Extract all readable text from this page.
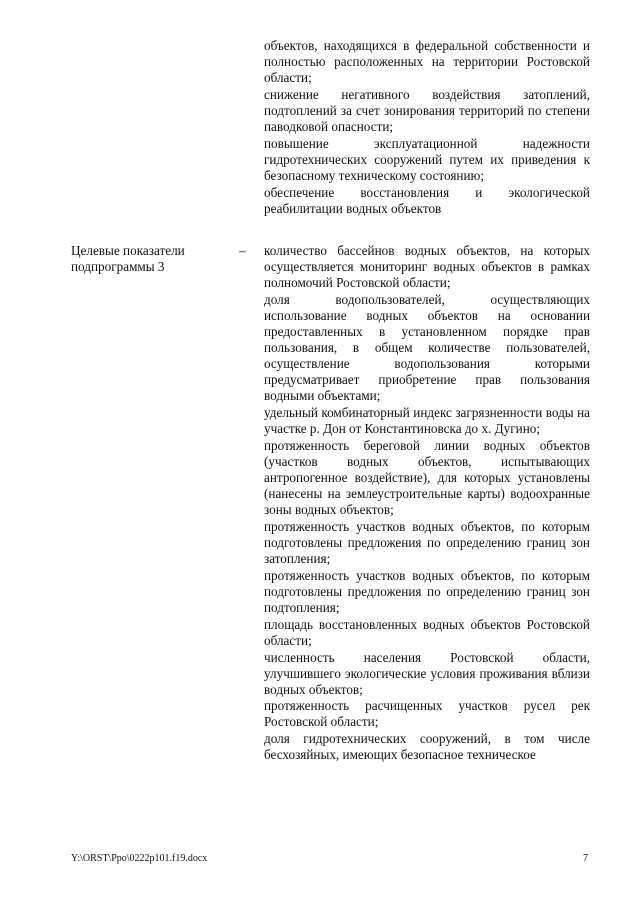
объектов, находящихся в федеральной собственности и полностью расположенных на территории Ростовской области;

снижение негативного воздействия затоплений, подтоплений за счет зонирования территорий по степени паводковой опасности;

повышение эксплуатационной надежности гидротехнических сооружений путем их приведения к безопасному техническому состоянию;

обеспечение восстановления и экологической реабилитации водных объектов

Целевые показатели подпрограммы 3
– количество бассейнов водных объектов, на которых осуществляется мониторинг водных объектов в рамках полномочий Ростовской области;

доля водопользователей, осуществляющих использование водных объектов на основании предоставленных в установленном порядке прав пользования, в общем количестве пользователей, осуществление водопользования которыми предусматривает приобретение прав пользования водными объектами;

удельный комбинаторный индекс загрязненности воды на участке р. Дон от Константиновска до х. Дугино;

протяженность береговой линии водных объектов (участков водных объектов, испытывающих антропогенное воздействие), для которых установлены (нанесены на землеустроительные карты) водоохранные зоны водных объектов;

протяженность участков водных объектов, по которым подготовлены предложения по определению границ зон затопления;

протяженность участков водных объектов, по которым подготовлены предложения по определению границ зон подтопления;

площадь восстановленных водных объектов Ростовской области;

численность населения Ростовской области, улучшившего экологические условия проживания вблизи водных объектов;

протяженность расчищенных участков русел рек Ростовской области;

доля гидротехнических сооружений, в том числе бесхозяйных, имеющих безопасное техническое

Y:\ORST\Ppo\0222p101.f19.docx	7
